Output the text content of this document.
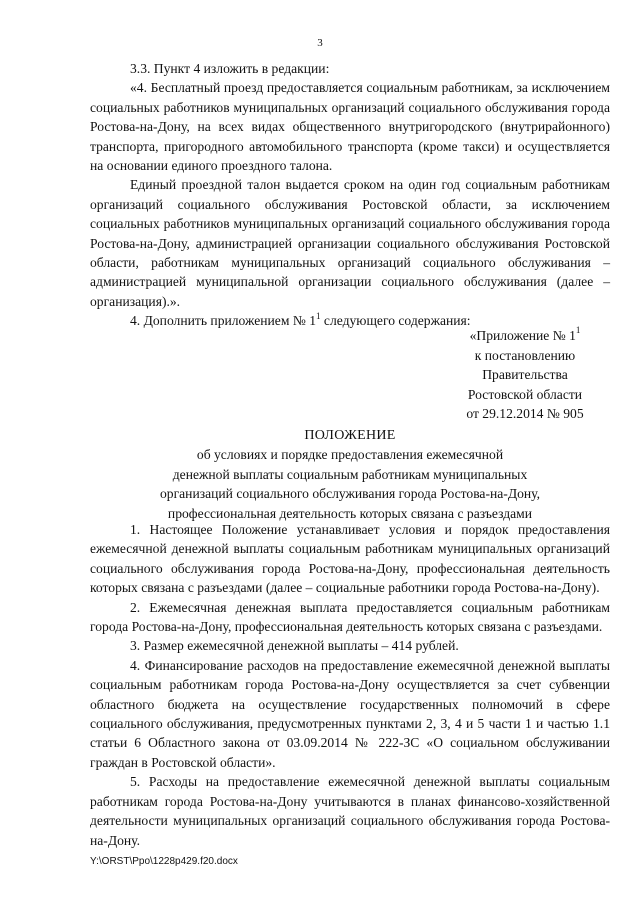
3

3.3. Пункт 4 изложить в редакции:

«4. Бесплатный проезд предоставляется социальным работникам, за исключением социальных работников муниципальных организаций социального обслуживания города Ростова-на-Дону, на всех видах общественного внутригородского (внутрирайонного) транспорта, пригородного автомобильного транспорта (кроме такси) и осуществляется на основании единого проездного талона.

Единый проездной талон выдается сроком на один год социальным работникам организаций социального обслуживания Ростовской области, за исключением социальных работников муниципальных организаций социального обслуживания города Ростова-на-Дону, администрацией организации социального обслуживания Ростовской области, работникам муниципальных организаций социального обслуживания – администрацией муниципальной организации социального обслуживания (далее – организация).».

4. Дополнить приложением № $1^1$ следующего содержания:

«Приложение № $1^1$
к постановлению
Правительства
Ростовской области
от 29.12.2014 № 905
ПОЛОЖЕНИЕ
об условиях и порядке предоставления ежемесячной
денежной выплаты социальным работникам муниципальных
организаций социального обслуживания города Ростова-на-Дону,
профессиональная деятельность которых связана с разъездами

1. Настоящее Положение устанавливает условия и порядок предоставления ежемесячной денежной выплаты социальным работникам муниципальных организаций социального обслуживания города Ростова-на-Дону, профессиональная деятельность которых связана с разъездами (далее – социальные работники города Ростова-на-Дону).

2. Ежемесячная денежная выплата предоставляется социальным работникам города Ростова-на-Дону, профессиональная деятельность которых связана с разъездами.

3. Размер ежемесячной денежной выплаты – 414 рублей.

4. Финансирование расходов на предоставление ежемесячной денежной выплаты социальным работникам города Ростова-на-Дону осуществляется за счет субвенции областного бюджета на осуществление государственных полномочий в сфере социального обслуживания, предусмотренных пунктами 2, 3, 4 и 5 части 1 и частью 1.1 статьи 6 Областного закона от 03.09.2014 № 222-ЗС «О социальном обслуживании граждан в Ростовской области».

5. Расходы на предоставление ежемесячной денежной выплаты социальным работникам города Ростова-на-Дону учитываются в планах финансово-хозяйственной деятельности муниципальных организаций социального обслуживания города Ростова-на-Дону.

Y:\ORST\Ppo\1228p429.f20.docx
